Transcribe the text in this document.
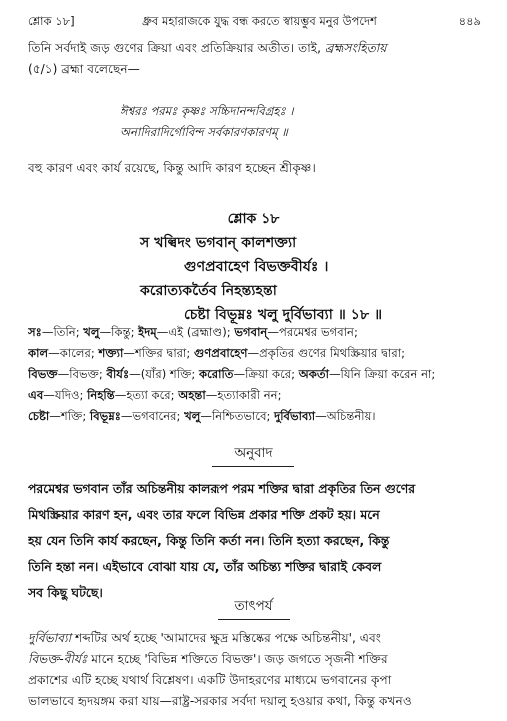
শ্লোক ১৮]	ধ্রুব মহারাজকে যুদ্ধ বন্ধ করতে স্বায়ম্ভুব মনুর উপদেশ	৪৪৯
তিনি সর্বদাই জড় গুণের ক্রিয়া এবং প্রতিক্রিয়ার অতীত। তাই, ব্রহ্মসংহিতায়
(৫/১) ব্রহ্মা বলেছেন—
ঈশ্বরঃ পরমঃ কৃষ্ণঃ সচ্চিদানন্দবিগ্রহঃ ।
অনাদিরাদির্গোবিন্দ সর্বকারণকারণম্‌ ॥
বহু কারণ এবং কার্য রয়েছে, কিন্তু আদি কারণ হচ্ছেন শ্রীকৃষ্ণ।
শ্লোক ১৮
স খল্বিদং ভগবান্‌ কালশক্ত্যা
গুণপ্রবাহেণ বিভক্তবীর্যঃ ।
করোত্যকর্তৈব নিহন্ত্যহন্তা
চেষ্টা বিভূম্নঃ খলু দুর্বিভাব্যা ॥ ১৮ ॥
সঃ—তিনি; খলু—কিন্তু; ইদম্‌—এই (ব্রহ্মাণ্ড); ভগবান্‌—পরমেশ্বর ভগবান;
কাল—কালের; শক্ত্যা—শক্তির দ্বারা; গুণপ্রবাহেণ—প্রকৃতির গুণের মিথস্ক্রিয়ার দ্বারা;
বিভক্ত—বিভক্ত; বীর্যঃ—(যাঁর) শক্তি; করোতি—ক্রিয়া করে; অকর্তা—যিনি ক্রিয়া করেন না;
এব—যদিও; নিহন্তি—হত্যা করে; অহন্তা—হত্যাকারী নন;
চেষ্টা—শক্তি; বিভূম্নঃ—ভগবানের; খলু—নিশ্চিতভাবে; দুর্বিভাব্যা—অচিন্তনীয়।
অনুবাদ
পরমেশ্বর ভগবান তাঁর অচিন্তনীয় কালরূপ পরম শক্তির দ্বারা প্রকৃতির তিন গুণের
মিথস্ক্রিয়ার কারণ হন, এবং তার ফলে বিভিন্ন প্রকার শক্তি প্রকট হয়। মনে
হয় যেন তিনি কার্য করছেন, কিন্তু তিনি কর্তা নন। তিনি হত্যা করছেন, কিন্তু
তিনি হন্তা নন। এইভাবে বোঝা যায় যে, তাঁর অচিন্ত্য শক্তির দ্বারাই কেবল
সব কিছু ঘটছে।
তাৎপর্য
দুর্বিভাব্যা শব্দটির অর্থ হচ্ছে 'আমাদের ক্ষুদ্র মস্তিষ্কের পক্ষে অচিন্তনীয়', এবং
বিভক্ত-বীর্যঃ মানে হচ্ছে 'বিভিন্ন শক্তিতে বিভক্ত'। জড় জগতে সৃজনী শক্তির
প্রকাশের এটি হচ্ছে যথার্থ বিশ্লেষণ। একটি উদাহরণের মাধ্যমে ভগবানের কৃপা
ভালভাবে হৃদয়ঙ্গম করা যায়—রাষ্ট্র-সরকার সর্বদা দয়ালু হওয়ার কথা, কিন্তু কখনও
